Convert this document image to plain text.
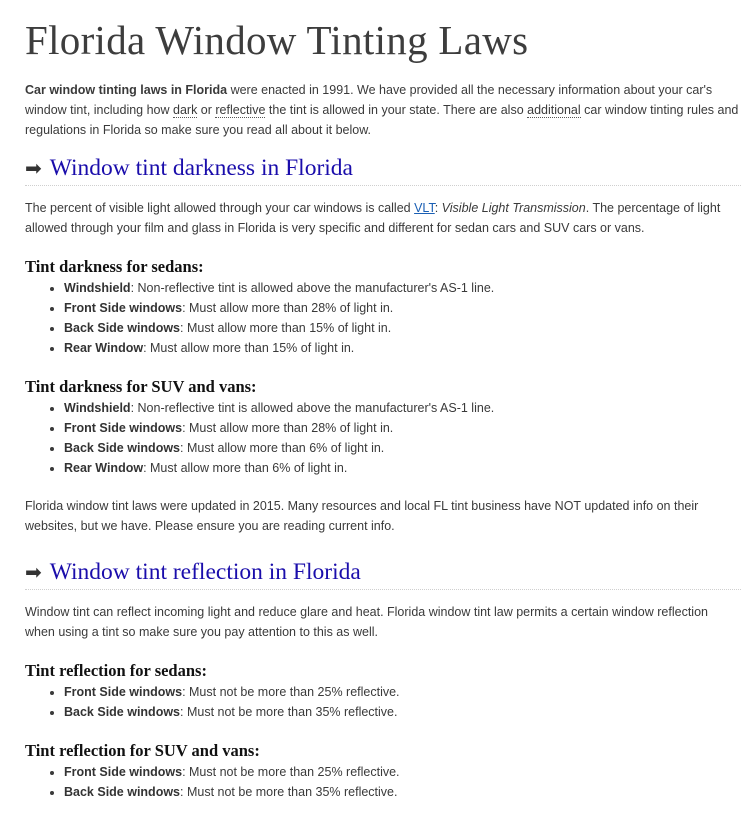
Florida Window Tinting Laws

Car window tinting laws in Florida were enacted in 1991. We have provided all the necessary information about your car's window tint, including how dark or reflective the tint is allowed in your state. There are also additional car window tinting rules and regulations in Florida so make sure you read all about it below.

➡ Window tint darkness in Florida

The percent of visible light allowed through your car windows is called VLT: Visible Light Transmission. The percentage of light allowed through your film and glass in Florida is very specific and different for sedan cars and SUV cars or vans.

Tint darkness for sedans:
• Windshield: Non-reflective tint is allowed above the manufacturer's AS-1 line.
• Front Side windows: Must allow more than 28% of light in.
• Back Side windows: Must allow more than 15% of light in.
• Rear Window: Must allow more than 15% of light in.
Tint darkness for SUV and vans:
• Windshield: Non-reflective tint is allowed above the manufacturer's AS-1 line.
• Front Side windows: Must allow more than 28% of light in.
• Back Side windows: Must allow more than 6% of light in.
• Rear Window: Must allow more than 6% of light in.

Florida window tint laws were updated in 2015. Many resources and local FL tint business have NOT updated info on their websites, but we have. Please ensure you are reading current info.

➡ Window tint reflection in Florida

Window tint can reflect incoming light and reduce glare and heat. Florida window tint law permits a certain window reflection when using a tint so make sure you pay attention to this as well.

Tint reflection for sedans:
• Front Side windows: Must not be more than 25% reflective.
• Back Side windows: Must not be more than 35% reflective.
Tint reflection for SUV and vans:
• Front Side windows: Must not be more than 25% reflective.
• Back Side windows: Must not be more than 35% reflective.
